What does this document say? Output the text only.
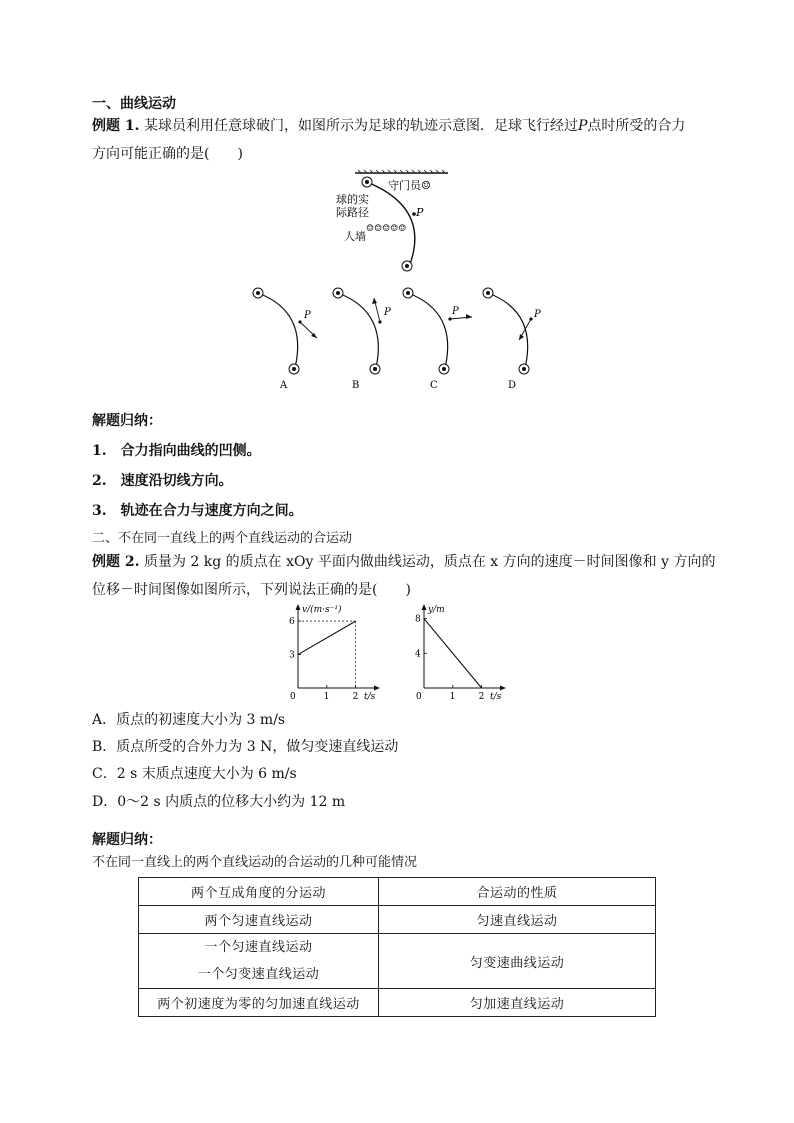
一、曲线运动
例题 1. 某球员利用任意球破门，如图所示为足球的轨迹示意图．足球飞行经过P点时所受的合力
方向可能正确的是(　　)
P
守门员☺
球的实
际路径
☺☺☺☺☺
人墙
P
A
P
B
P
C
P
D
解题归纳：
1.　合力指向曲线的凹侧。
2.　速度沿切线方向。
3.　轨迹在合力与速度方向之间。
二、不在同一直线上的两个直线运动的合运动
例题 2. 质量为 2 kg 的质点在 xOy 平面内做曲线运动，质点在 x 方向的速度－时间图像和 y 方向的
位移－时间图像如图所示，下列说法正确的是(　　)
v/(m·s⁻¹)
t/s
0	1	2
3
6
y/m
t/s
0	1	2
4
8
A．质点的初速度大小为 3 m/s
B．质点所受的合外力为 3 N，做匀变速直线运动
C．2 s 末质点速度大小为 6 m/s
D．0～2 s 内质点的位移大小约为 12 m
解题归纳：
不在同一直线上的两个直线运动的合运动的几种可能情况
两个互成角度的分运动	合运动的性质
两个匀速直线运动	匀速直线运动

一个匀速直线运动
一个匀变速直线运动	匀变速曲线运动
两个初速度为零的匀加速直线运动	匀加速直线运动
